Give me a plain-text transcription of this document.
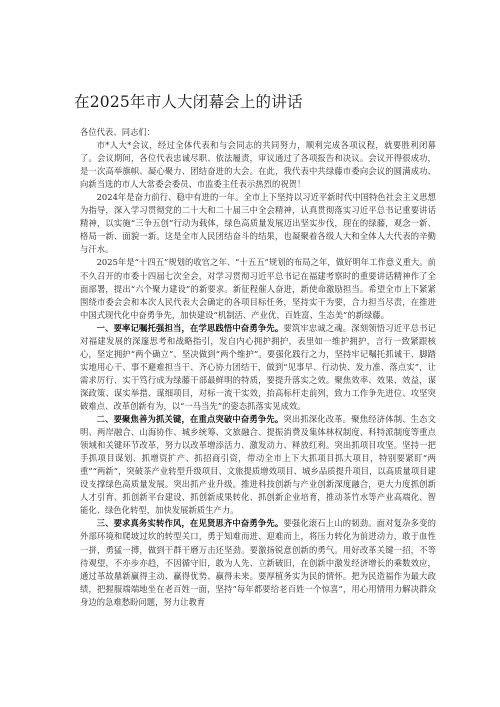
在2025年市人大闭幕会上的讲话

各位代表、同志们：

市*人大*会议，经过全体代表和与会同志的共同努力，顺利完成各项议程，就要胜利闭幕了。会议期间，各位代表忠诚尽职、依法履责，审议通过了各项报告和决议。会议开得很成功，是一次高举旗帜、凝心聚力、团结奋进的大会。在此，我代表中共绿藤市委向会议的圆满成功、向新当选的市人大常委会委员、市监委主任表示热烈的祝贺！

2024年是奋力前行、稳中有进的一年。全市上下坚持以习近平新时代中国特色社会主义思想为指导，深入学习贯彻党的二十大和二十届三中全会精神，认真贯彻落实习近平总书记重要讲话精神，以实施“三争五创”行动为载体，绿色高质量发展迈出坚实步伐，现在的绿藤，观念一新、格局一新、面貌一新。这是全市人民团结奋斗的结果，也凝聚着各级人大和全体人大代表的辛勤与汗水。

2025年是“十四五”规划的收官之年、“十五五”规划的布局之年，做好明年工作意义重大。前不久召开的市委十四届七次全会，对学习贯彻习近平总书记在福建考察时的重要讲话精神作了全面部署，提出“六个聚力建设”的新要求。新征程催人奋进，新使命激励担当。希望全市上下紧紧围绕市委会会和本次人民代表大会确定的各项目标任务，坚持实干为要，合力担当尽责，在推进中国式现代化中奋勇争先，加快建设“机制活、产业优、百姓富、生态美”的新绿藤。

一、要率记嘱托强担当，在学思践悟中奋勇争先。要筑牢忠诚之魂。深刻领悟习近平总书记对福建发展的深邃思考和战略指引，发自内心拥护拥护，表里如一维护拥护，言行一致紧跟核心，坚定拥护“两个确立”、坚决做到“两个维护”。要强化践行之力，坚持牢记嘱托抓诚干、脚踏实地用心干、事不避难担当干、齐心协力团结干，做到“见事早、行动快、发力准、落点实”，让需求厉行、实干笃行成为绿藤干部最鲜明的特质，要提升落实之效。聚焦效率、效果、效益，谋深政策、谋实举措、谋细项目，对标一流干实效，抬高标杆走前列，致力工作争先进位、攻坚突破难点、改革创新有为，以“一马当先”的姿态抓落实见成效。

二、要聚焦善为抓关键，在重点突破中奋勇争先。突出抓深化改革。聚焦经济体制、生态文明、两岸融合、山海协作、城乡统筹、文旅融合、提振消费及集体林权制度、科特派制度等重点领域和关键环节改革，努力以改革增添活力、激发动力、释放红利。突出抓项目攻坚。坚持一把手抓项目谋划、抓增资扩产、抓招商引资，带动全市上下大抓项目抓大项目，特别要紧盯“两重”“两新”，突破茶产业转型升级项目、文旅提质增效项目、城乡品质提升项目，以高质量项目建设支撑绿色高质量发展。突出抓产业升级。推进科技创新与产业创新深度融合，更大力度抓创新人才引育、抓创新平台建设、抓创新成果转化、抓创新企业培育，推动茶竹水等产业高端化、智能化、绿色化转型，加快发展新质生产力。

三、要求真务实转作风，在见贤思齐中奋勇争先。要强化滚石上山的韧劲。面对复杂多变的外部环境和爬坡过坎的转型关口，勇于知难而进、迎难而上，将压力转化为前进动力，敢于血性一拼，勇猛一搏，做到干群干磨万击还坚劲。要激扬锐意创新的勇气。用好改革关键一招，不等待观望，不亦步亦趋，不因循守旧，敢为人先、立新破旧，在创新中激发经济增长的乘数效应，通过革故鼎新赢得主动、赢得优势、赢得未来。要厚植务实为民的情怀。把为民造福作为最大政绩，把握服端端地坐在老百姓一面，坚持“每年都要给老百姓一个惊喜”，用心用情用力解决群众身边的急难愁盼问题，努力让教育
